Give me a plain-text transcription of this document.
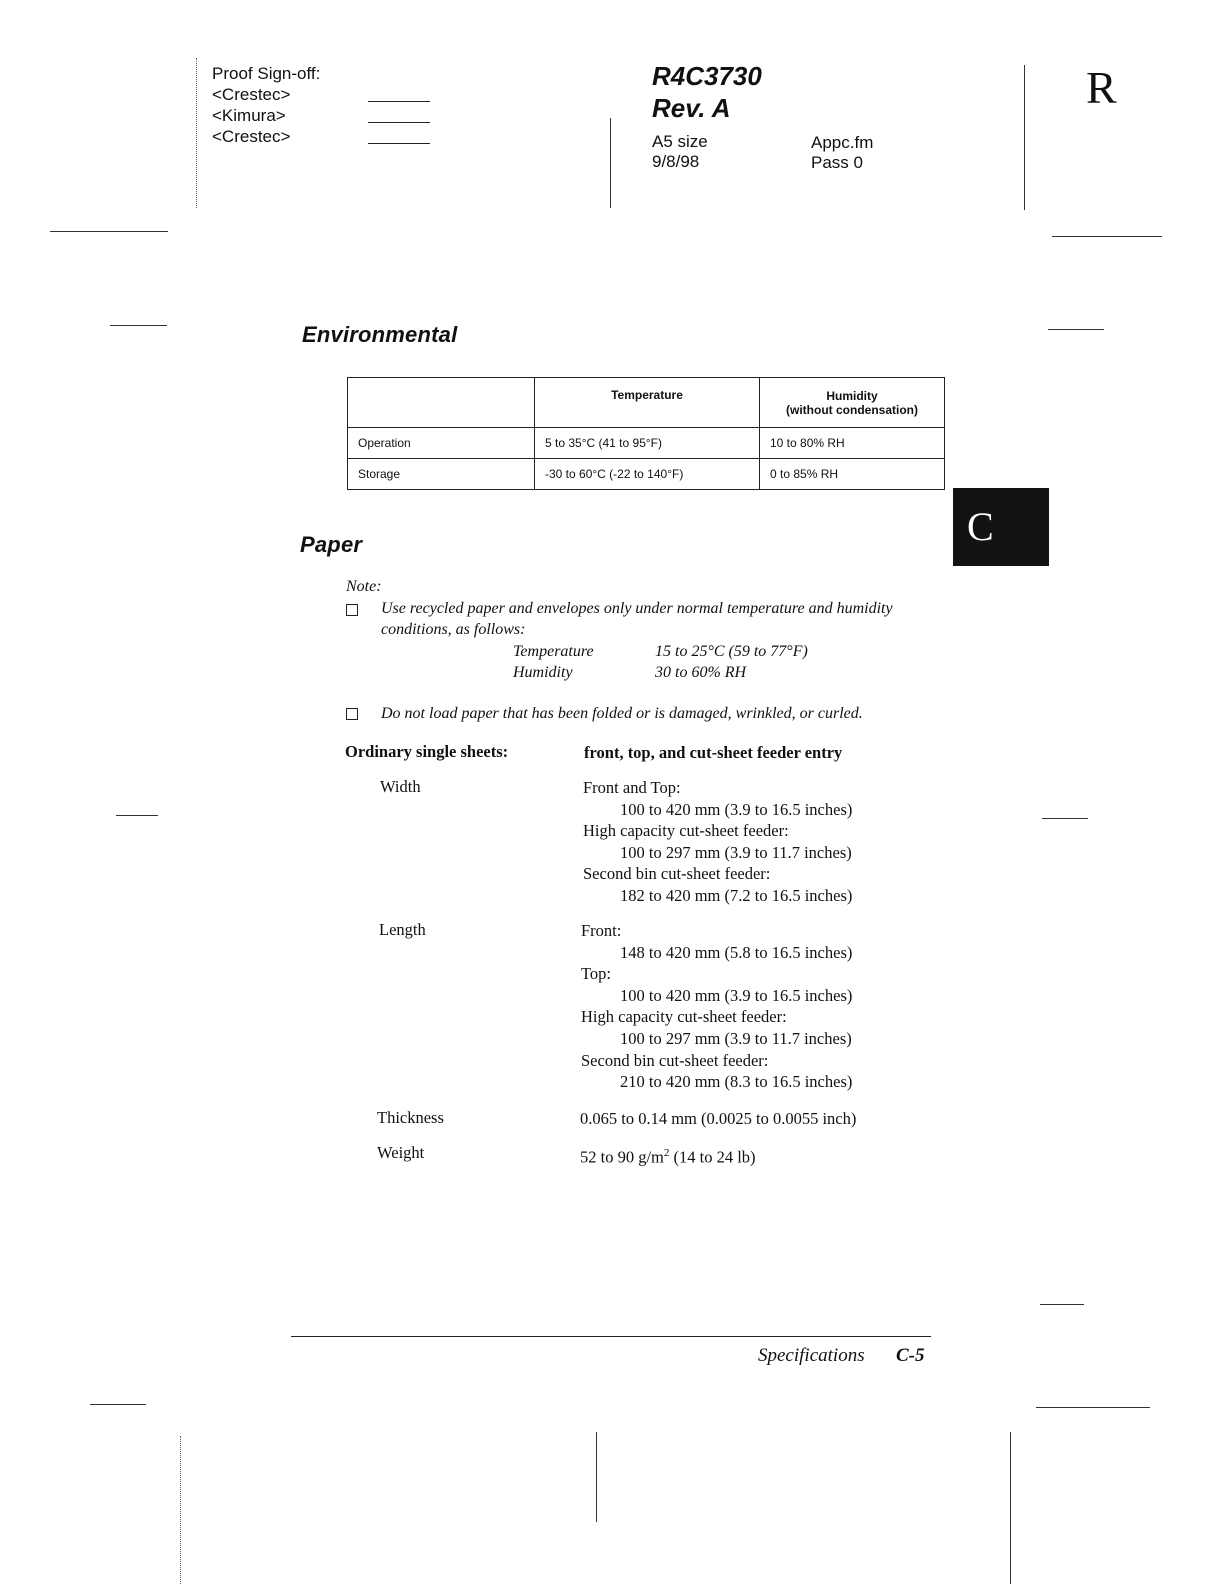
Proof Sign-off:
<Crestec>
<Kimura>
<Crestec>
R4C3730
Rev. A
A5 size
9/8/98
Appc.fm
Pass 0
R
Environmental
	Temperature	Humidity
(without condensation)

Operation	5 to 35°C (41 to 95°F)	10 to 80% RH
Storage	-30 to 60°C (-22 to 140°F)	0 to 85% RH
C
Paper
Note:
Use recycled paper and envelopes only under normal temperature and humidity
conditions, as follows:
Temperature	15 to 25°C (59 to 77°F)
Humidity	30 to 60% RH
Do not load paper that has been folded or is damaged, wrinkled, or curled.
Ordinary single sheets:	front, top, and cut-sheet feeder entry
Width	Front and Top:
100 to 420 mm (3.9 to 16.5 inches)
High capacity cut-sheet feeder:
100 to 297 mm (3.9 to 11.7 inches)
Second bin cut-sheet feeder:
182 to 420 mm (7.2 to 16.5 inches)
Length	Front:
148 to 420 mm (5.8 to 16.5 inches)
Top:
100 to 420 mm (3.9 to 16.5 inches)
High capacity cut-sheet feeder:
100 to 297 mm (3.9 to 11.7 inches)
Second bin cut-sheet feeder:
210 to 420 mm (8.3 to 16.5 inches)
Thickness	0.065 to 0.14 mm (0.0025 to 0.0055 inch)
Weight	52 to 90 $g/m^2$ (14 to 24 lb)
Specifications C-5
